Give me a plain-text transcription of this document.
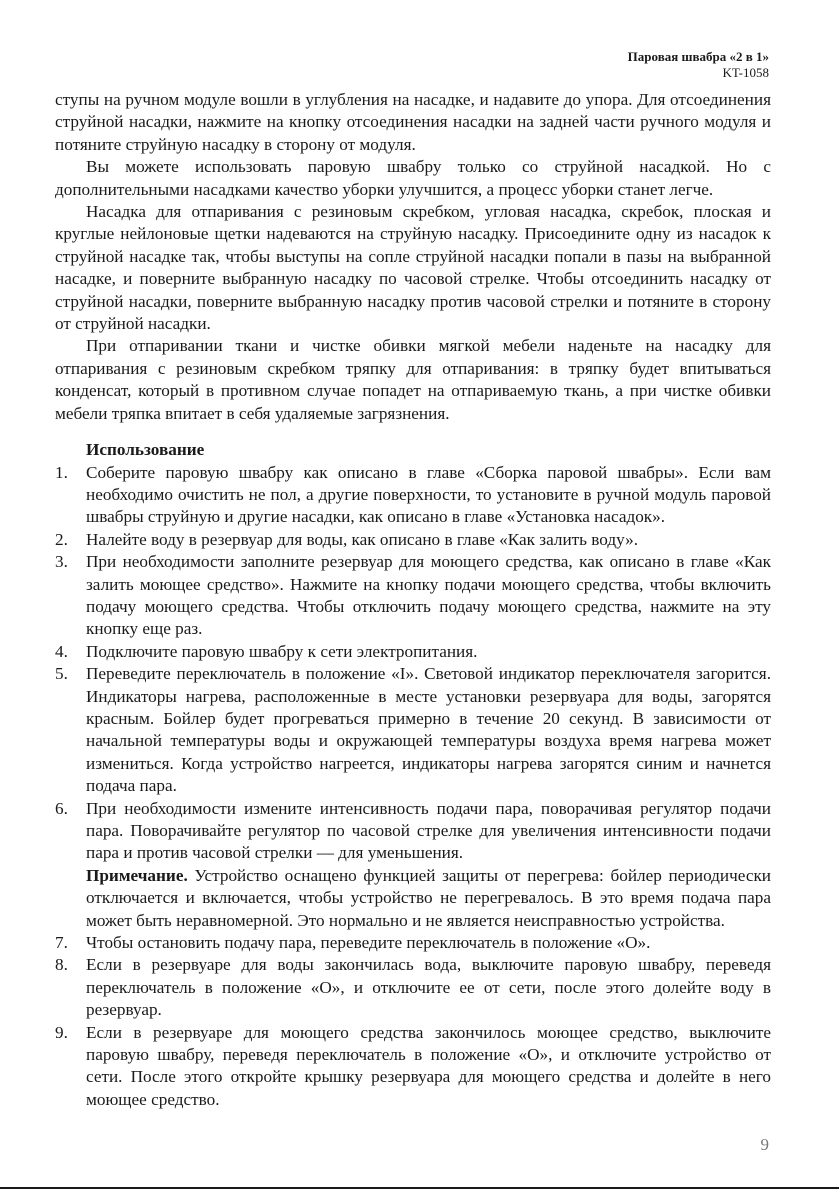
Паровая швабра «2 в 1»
KT-1058

ступы на ручном модуле вошли в углубления на насадке, и надавите до упора. Для отсоединения струйной насадки, нажмите на кнопку отсоединения насадки на задней части ручного модуля и потяните струйную насадку в сторону от модуля.

Вы можете использовать паровую швабру только со струйной насадкой. Но с дополнительными насадками качество уборки улучшится, а процесс уборки станет легче.

Насадка для отпаривания с резиновым скребком, угловая насадка, скребок, плоская и круглые нейлоновые щетки надеваются на струйную насадку. Присоедините одну из насадок к струйной насадке так, чтобы выступы на сопле струйной насадки попали в пазы на выбранной насадке, и поверните выбранную насадку по часовой стрелке. Чтобы отсоединить насадку от струйной насадки, поверните выбранную насадку против часовой стрелки и потяните в сторону от струйной насадки.

При отпаривании ткани и чистке обивки мягкой мебели наденьте на насадку для отпаривания с резиновым скребком тряпку для отпаривания: в тряпку будет впитываться конденсат, который в противном случае попадет на отпариваемую ткань, а при чистке обивки мебели тряпка впитает в себя удаляемые загрязнения.

Использование

1. Соберите паровую швабру как описано в главе «Сборка паровой швабры». Если вам необходимо очистить не пол, а другие поверхности, то установите в ручной модуль паровой швабры струйную и другие насадки, как описано в главе «Установка насадок».
2. Налейте воду в резервуар для воды, как описано в главе «Как залить воду».
3. При необходимости заполните резервуар для моющего средства, как описано в главе «Как залить моющее средство». Нажмите на кнопку подачи моющего средства, чтобы включить подачу моющего средства. Чтобы отключить подачу моющего средства, нажмите на эту кнопку еще раз.
4. Подключите паровую швабру к сети электропитания.
5. Переведите переключатель в положение «I». Световой индикатор переключателя загорится. Индикаторы нагрева, расположенные в месте установки резервуара для воды, загорятся красным. Бойлер будет прогреваться примерно в течение 20 секунд. В зависимости от начальной температуры воды и окружающей температуры воздуха время нагрева может измениться. Когда устройство нагреется, индикаторы нагрева загорятся синим и начнется подача пара.
6. При необходимости измените интенсивность подачи пара, поворачивая регулятор подачи пара. Поворачивайте регулятор по часовой стрелке для увеличения интенсивности подачи пара и против часовой стрелки — для уменьшения.
Примечание. Устройство оснащено функцией защиты от перегрева: бойлер периодически отключается и включается, чтобы устройство не перегревалось. В это время подача пара может быть неравномерной. Это нормально и не является неисправностью устройства.
7. Чтобы остановить подачу пара, переведите переключатель в положение «О».
8. Если в резервуаре для воды закончилась вода, выключите паровую швабру, переведя переключатель в положение «О», и отключите ее от сети, после этого долейте воду в резервуар.
9. Если в резервуаре для моющего средства закончилось моющее средство, выключите паровую швабру, переведя переключатель в положение «О», и отключите устройство от сети. После этого откройте крышку резервуара для моющего средства и долейте в него моющее средство.
9
